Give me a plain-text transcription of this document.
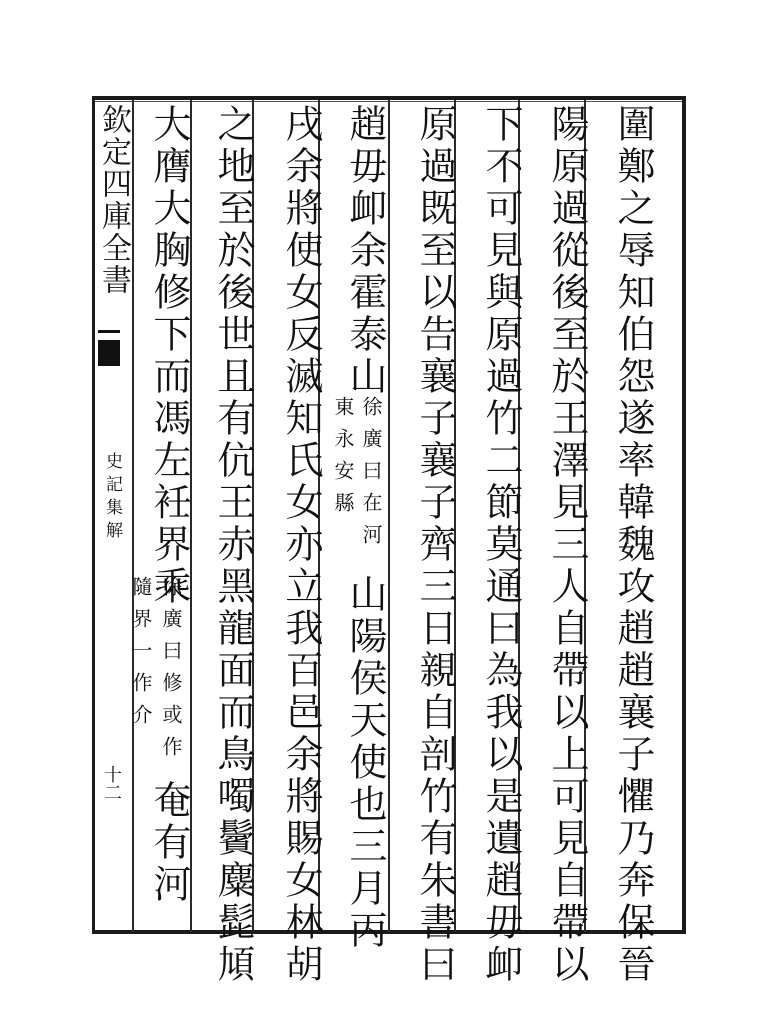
欽定四庫全書
史記集解
十二	圍鄭之辱知伯怨遂率韓魏攻趙趙襄子懼乃奔保晉
陽原過從後至於王澤見三人自帶以上可見自帶以
下不可見與原過竹二節莫通曰為我以是遺趙毋卹
原過既至以告襄子襄子齊三日親自剖竹有朱書曰
趙毋卹余霍泰山
徐廣曰在河
東永安縣
山陽侯天使也三月丙
戌余將使女反滅知氏女亦立我百邑余將賜女林胡
之地至於後世且有伉王赤黑龍面而鳥噣鬢麋髭頄
大膺大胸修下而馮左衽界乘
徐廣曰修或作
隨界一作介
奄有河
